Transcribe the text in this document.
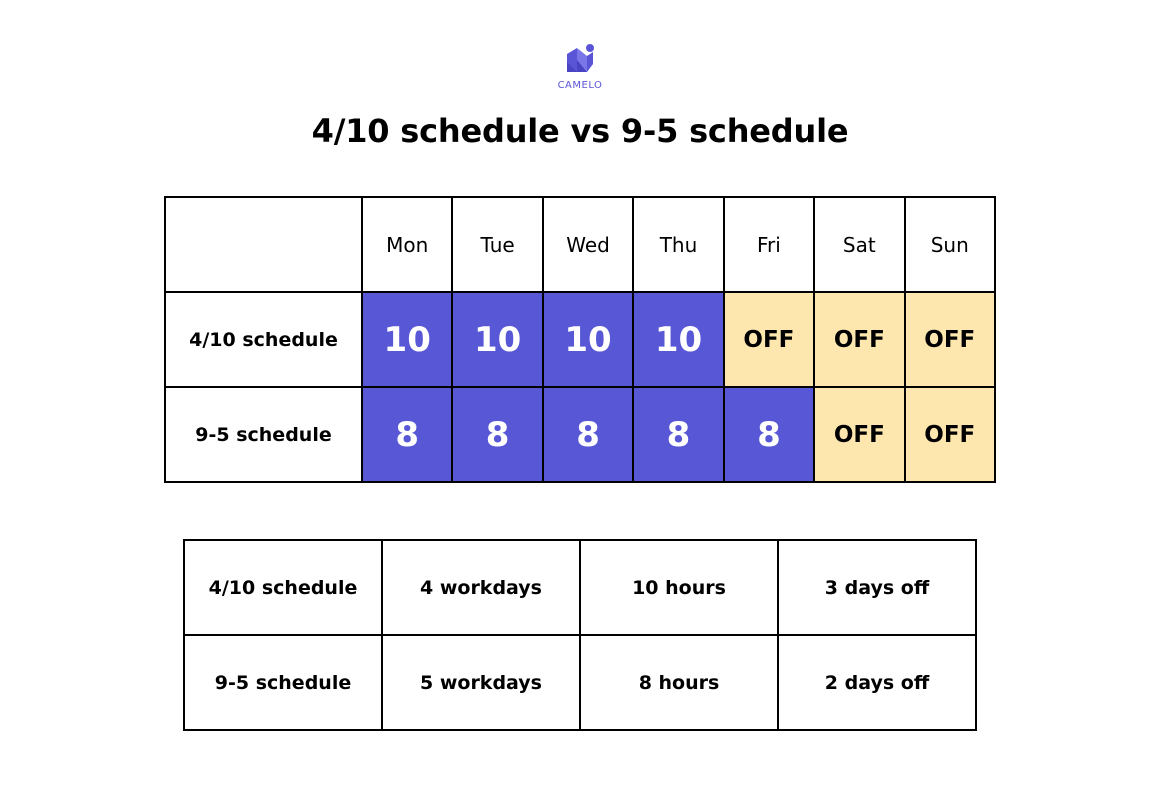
CAMELO
4/10 schedule vs 9-5 schedule
	Mon	Tue	Wed	Thu	Fri	Sat	Sun
4/10 schedule	10	10	10	10	OFF	OFF	OFF
9-5 schedule	8	8	8	8	8	OFF	OFF
4/10 schedule	4 workdays	10 hours	3 days off
9-5 schedule	5 workdays	8 hours	2 days off
